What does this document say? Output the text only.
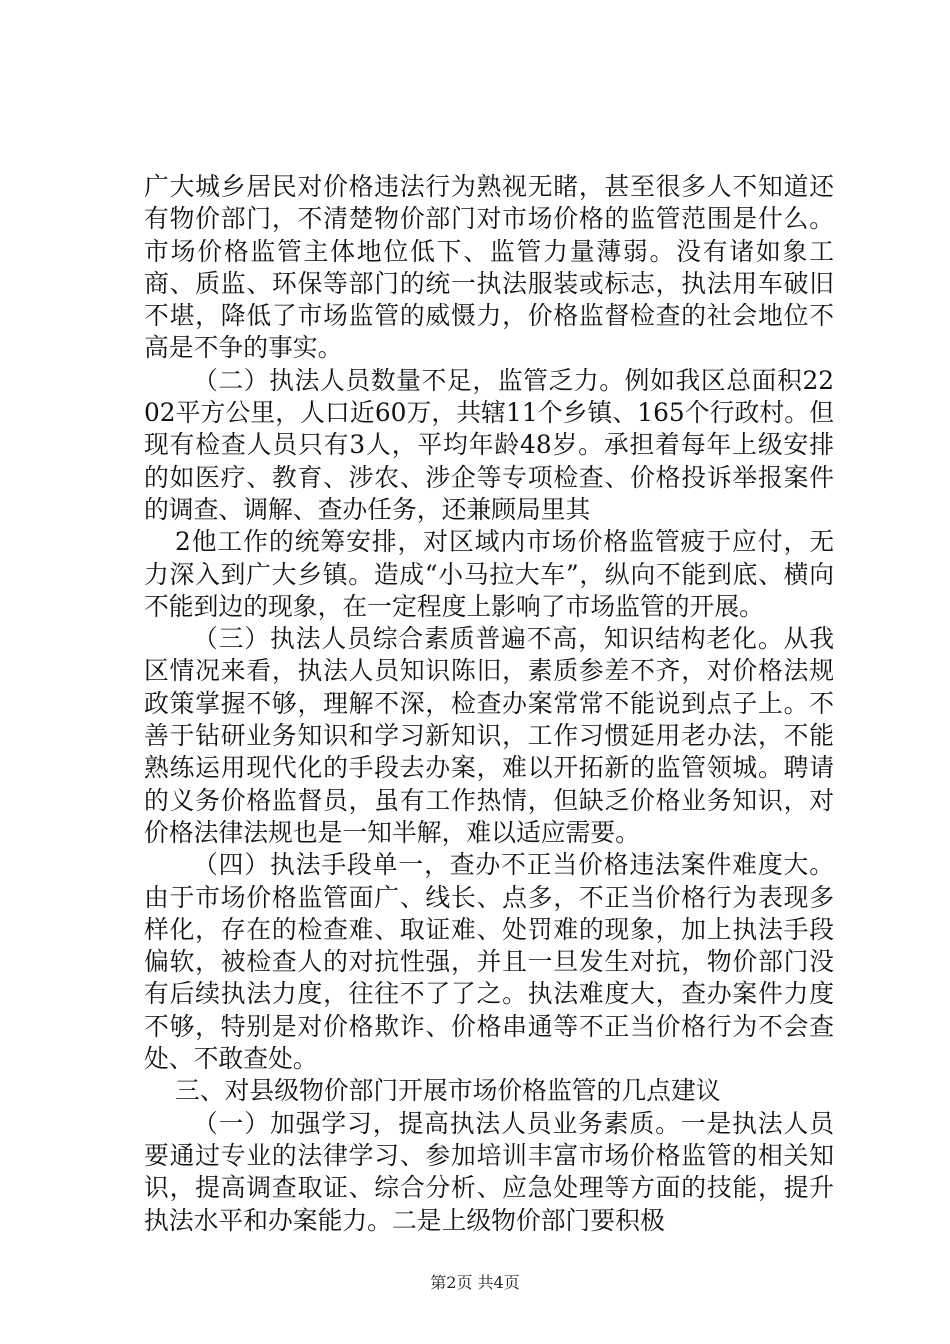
广大城乡居民对价格违法行为熟视无睹，甚至很多人不知道还有物价部门，不清楚物价部门对市场价格的监管范围是什么。市场价格监管主体地位低下、监管力量薄弱。没有诸如象工商、质监、环保等部门的统一执法服装或标志，执法用车破旧不堪，降低了市场监管的威慑力，价格监督检查的社会地位不高是不争的事实。

（二）执法人员数量不足，监管乏力。例如我区总面积2202平方公里，人口近60万，共辖11个乡镇、165个行政村。但现有检查人员只有3人，平均年龄48岁。承担着每年上级安排的如医疗、教育、涉农、涉企等专项检查、价格投诉举报案件的调查、调解、查办任务，还兼顾局里其

2他工作的统筹安排，对区域内市场价格监管疲于应付，无力深入到广大乡镇。造成“小马拉大车”，纵向不能到底、横向不能到边的现象，在一定程度上影响了市场监管的开展。

（三）执法人员综合素质普遍不高，知识结构老化。从我区情况来看，执法人员知识陈旧，素质参差不齐，对价格法规政策掌握不够，理解不深，检查办案常常不能说到点子上。不善于钻研业务知识和学习新知识，工作习惯延用老办法，不能熟练运用现代化的手段去办案，难以开拓新的监管领城。聘请的义务价格监督员，虽有工作热情，但缺乏价格业务知识，对价格法律法规也是一知半解，难以适应需要。

（四）执法手段单一，查办不正当价格违法案件难度大。由于市场价格监管面广、线长、点多，不正当价格行为表现多样化，存在的检查难、取证难、处罚难的现象，加上执法手段偏软，被检查人的对抗性强，并且一旦发生对抗，物价部门没有后续执法力度，往往不了了之。执法难度大，查办案件力度不够，特别是对价格欺诈、价格串通等不正当价格行为不会查处、不敢查处。

三、对县级物价部门开展市场价格监管的几点建议

（一）加强学习，提高执法人员业务素质。一是执法人员要通过专业的法律学习、参加培训丰富市场价格监管的相关知识，提高调查取证、综合分析、应急处理等方面的技能，提升执法水平和办案能力。二是上级物价部门要积极

第2页 共4页
